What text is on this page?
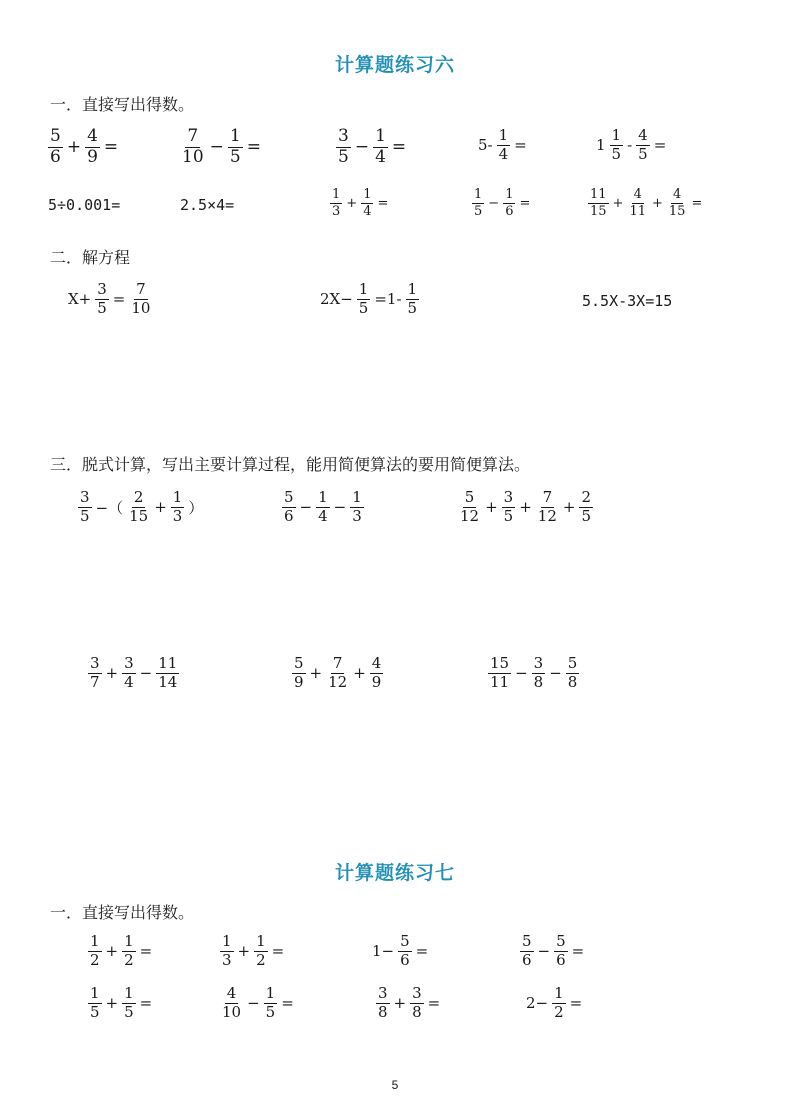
计算题练习六
一．直接写出得数。
二．解方程
三．脱式计算，写出主要计算过程，能用简便算法的要用简便算法。
计算题练习七
一．直接写出得数。
$\frac{5}{6} + \frac{4}{9}$ =	$\frac{7}{10} - \frac{1}{5}$ =	$\frac{3}{5} - \frac{1}{4}$ =	$5- \frac{1}{4}$ =	$1 \frac{1}{5} - \frac{4}{5}$ =
5÷0.001=	2.5×4=	$\frac{1}{3} + \frac{1}{4}$ =	$\frac{1}{5} - \frac{1}{6}$ =	$\frac{11}{15} + \frac{4}{11} + \frac{4}{15}$ =
$X+ \frac{3}{5} = \frac{7}{10}$	$2X- \frac{1}{5} =1- \frac{1}{5}$	5.5X-3X=15
$\frac{3}{5}$ −（ $\frac{2}{15} + \frac{1}{3}$ ）	$\frac{5}{6} - \frac{1}{4} - \frac{1}{3}$	$\frac{5}{12} + \frac{3}{5} + \frac{7}{12} + \frac{2}{5}$
$\frac{3}{7} + \frac{3}{4} - \frac{11}{14}$	$\frac{5}{9} + \frac{7}{12} + \frac{4}{9}$	$\frac{15}{11} - \frac{3}{8} - \frac{5}{8}$
$\frac{1}{2} + \frac{1}{2}$ =	$\frac{1}{3} + \frac{1}{2}$ =	$1- \frac{5}{6}$ =	$\frac{5}{6} - \frac{5}{6}$ =
$\frac{1}{5} + \frac{1}{5}$ =	$\frac{4}{10} - \frac{1}{5}$ =	$\frac{3}{8} + \frac{3}{8}$ =	$2- \frac{1}{2}$ =
5
